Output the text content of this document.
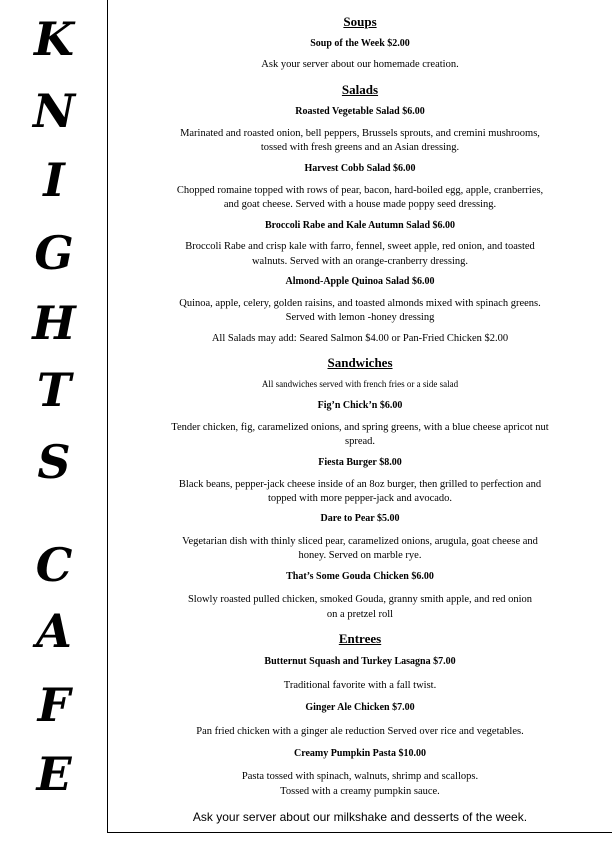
K
N
I
G
H
T
S
C
A
F
E
Soups
Soup of the Week $2.00
Ask your server about our homemade creation.
Salads
Roasted Vegetable Salad $6.00
Marinated and roasted onion, bell peppers, Brussels sprouts, and cremini mushrooms,
tossed with fresh greens and an Asian dressing.
Harvest Cobb Salad $6.00
Chopped romaine topped with rows of pear, bacon, hard-boiled egg, apple, cranberries,
and goat cheese. Served with a house made poppy seed dressing.
Broccoli Rabe and Kale Autumn Salad $6.00
Broccoli Rabe and crisp kale with farro, fennel, sweet apple, red onion, and toasted
walnuts. Served with an orange-cranberry dressing.
Almond-Apple Quinoa Salad $6.00
Quinoa, apple, celery, golden raisins, and toasted almonds mixed with spinach greens.
Served with lemon -honey dressing
All Salads may add: Seared Salmon $4.00 or Pan-Fried Chicken $2.00
Sandwiches
All sandwiches served with french fries or a side salad
Fig’n Chick’n $6.00
Tender chicken, fig, caramelized onions, and spring greens, with a blue cheese apricot nut
spread.
Fiesta Burger $8.00
Black beans, pepper-jack cheese inside of an 8oz burger, then grilled to perfection and
topped with more pepper-jack and avocado.
Dare to Pear $5.00
Vegetarian dish with thinly sliced pear, caramelized onions, arugula, goat cheese and
honey. Served on marble rye.
That’s Some Gouda Chicken $6.00
Slowly roasted pulled chicken, smoked Gouda, granny smith apple, and red onion
on a pretzel roll
Entrees
Butternut Squash and Turkey Lasagna $7.00
Traditional favorite with a fall twist.
Ginger Ale Chicken $7.00
Pan fried chicken with a ginger ale reduction Served over rice and vegetables.
Creamy Pumpkin Pasta $10.00
Pasta tossed with spinach, walnuts, shrimp and scallops.
Tossed with a creamy pumpkin sauce.
Ask your server about our milkshake and desserts of the week.
